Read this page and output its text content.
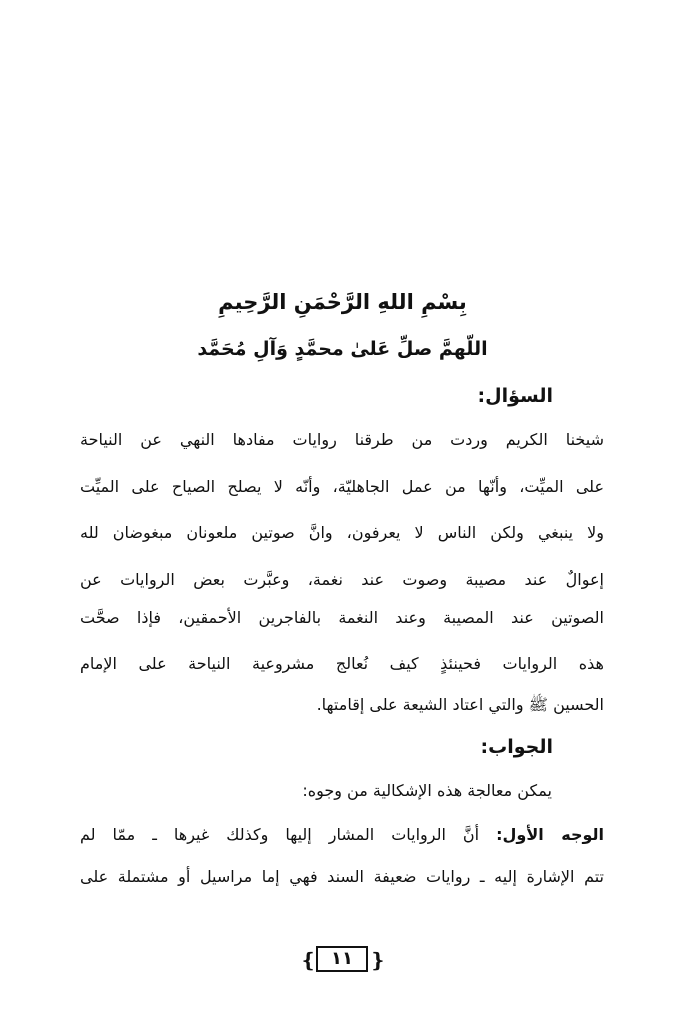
بِسْمِ اللهِ الرَّحْمَنِ الرَّحِيمِ
اللّهمَّ صلِّ عَلىٰ محمَّدٍ وَآلِ مُحَمَّد
السؤال:
شيخنا الكريم وردت من طرقنا روايات مفادها النهي عن النياحة
على الميِّت، وأنّها من عمل الجاهليّة، وأنّه لا يصلح الصياح على الميِّت
ولا ينبغي ولكن الناس لا يعرفون، وانَّ صوتين ملعونان مبغوضان لله
إعوالٌ عند مصيبة وصوت عند نغمة، وعبَّرت بعض الروايات عن
الصوتين عند المصيبة وعند النغمة بالفاجرين الأحمقين، فإذا صحَّت
هذه الروايات فحينئذٍ كيف نُعالج مشروعية النياحة على الإمام
الحسين ﷺ والتي اعتاد الشيعة على إقامتها.
الجواب:
يمكن معالجة هذه الإشكالية من وجوه:
الوجه الأول: أنَّ الروايات المشار إليها وكذلك غيرها ـ ممّا لم
تتم الإشارة إليه ـ روايات ضعيفة السند فهي إما مراسيل أو مشتملة على
❴ ١١ ❵
